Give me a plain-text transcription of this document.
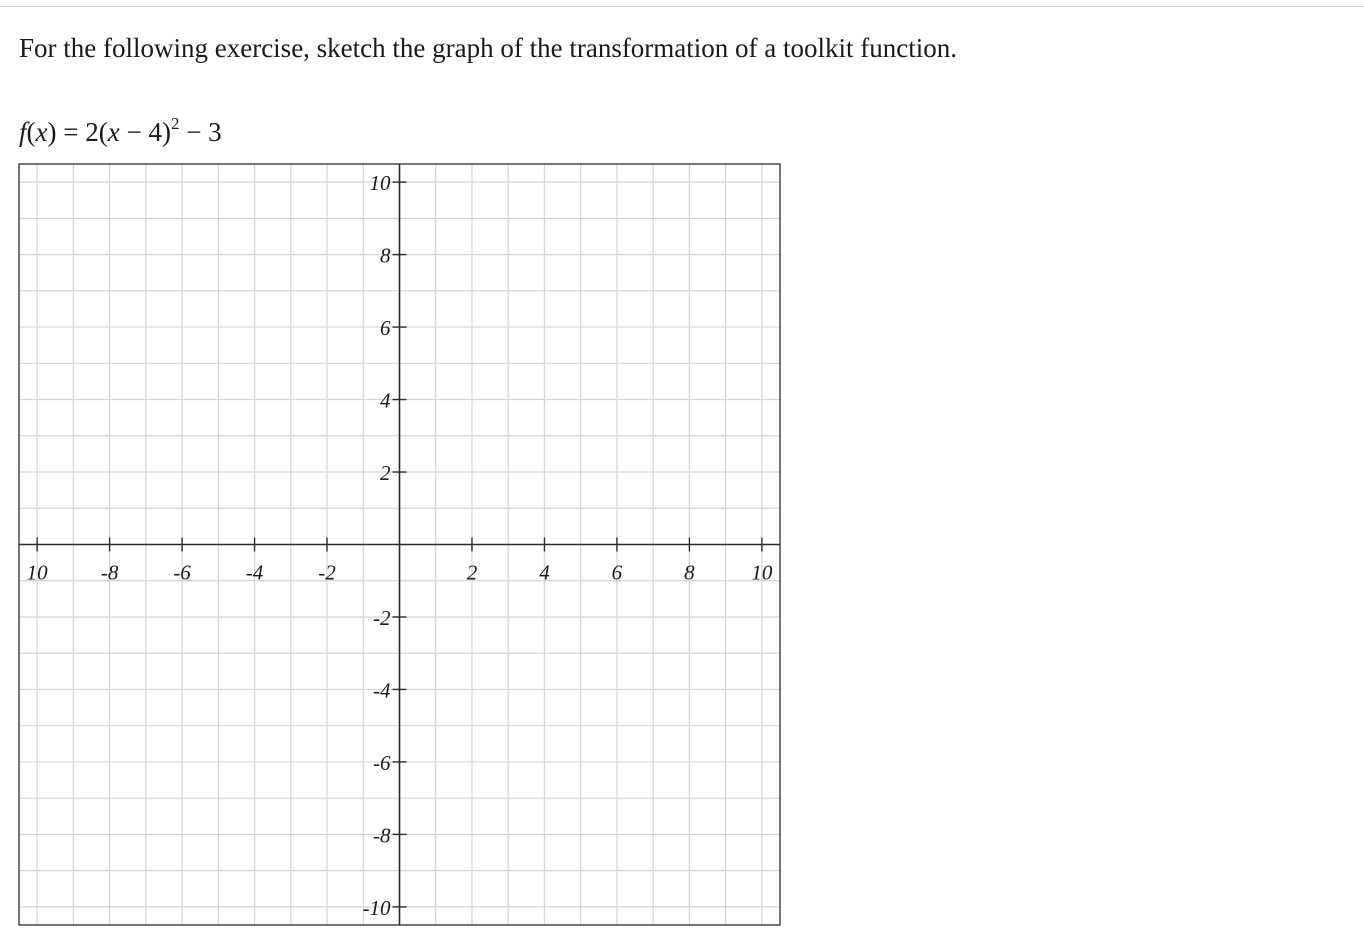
For the following exercise, sketch the graph of the transformation of a toolkit function.
$f(x) = 2(x - 4)^2 - 3$
10	-8	-6	-4	-2	2	4	6	8	10
10
8
6
4
2
-2
-4
-6
-8
-10
